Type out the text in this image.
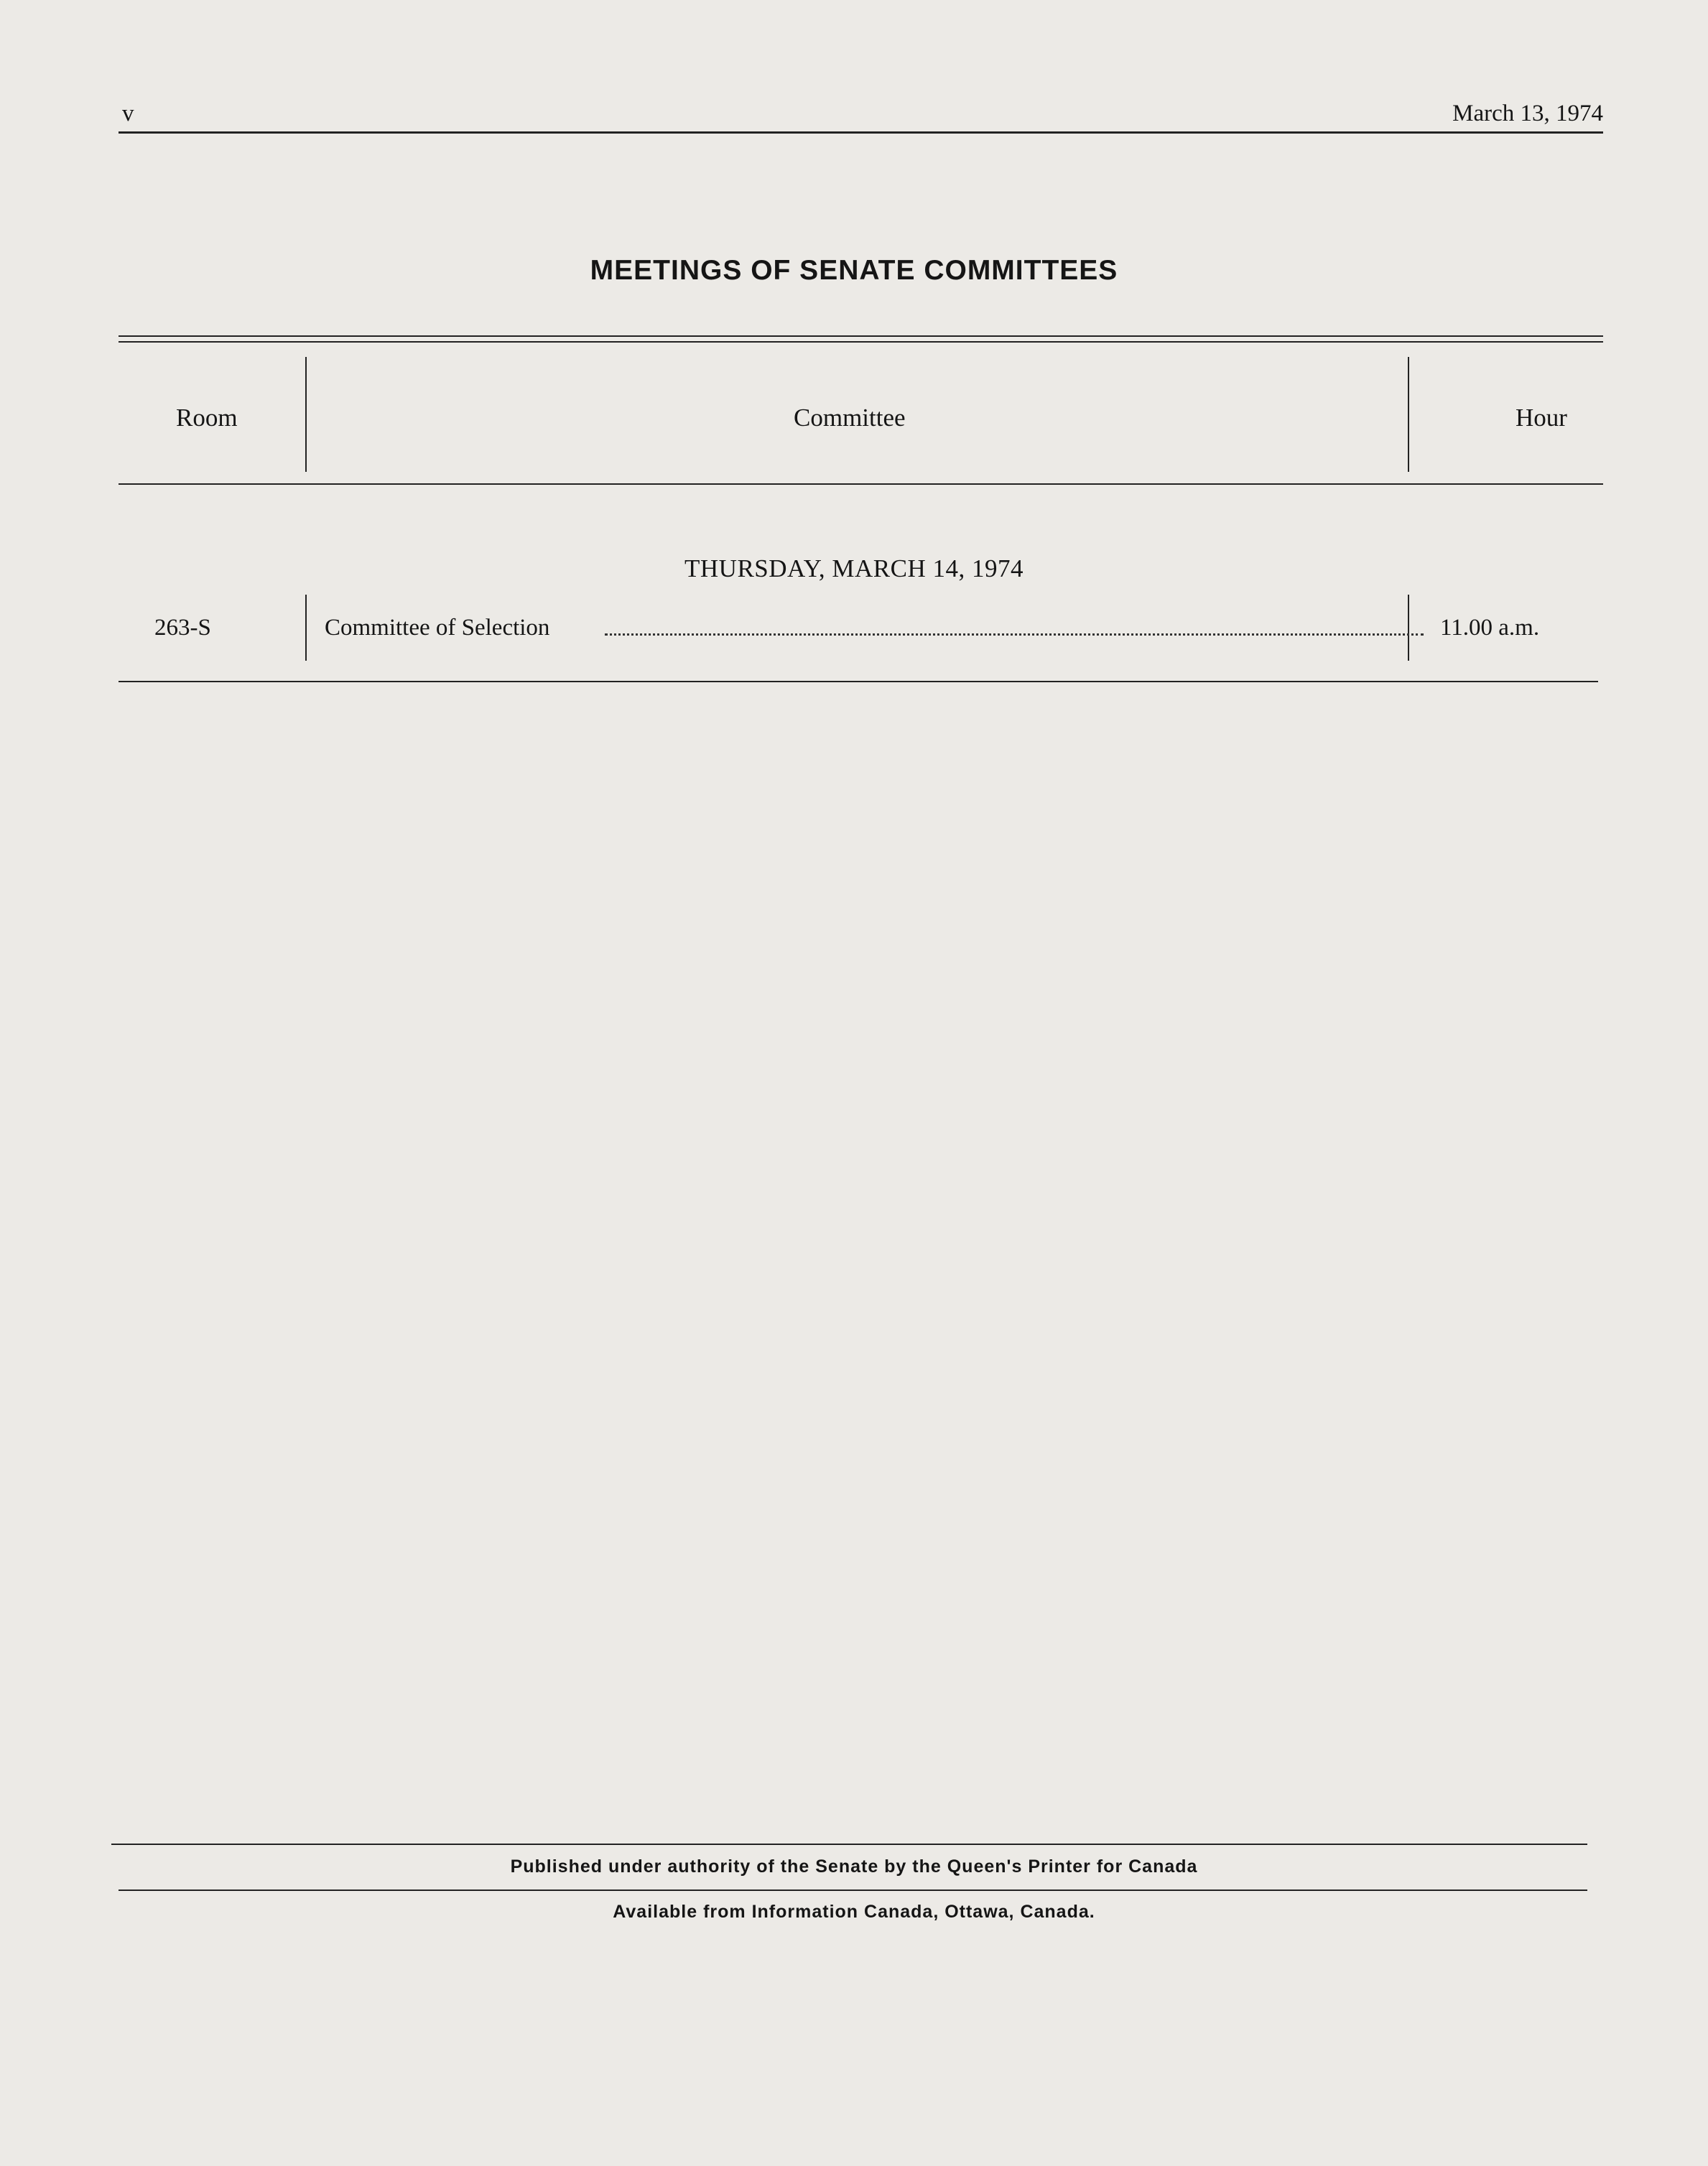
v	March 13, 1974
MEETINGS OF SENATE COMMITTEES
Room	Committee	Hour
THURSDAY, MARCH 14, 1974
263-S	Committee of Selection	11.00 a.m.
Published under authority of the Senate by the Queen's Printer for Canada
Available from Information Canada, Ottawa, Canada.
